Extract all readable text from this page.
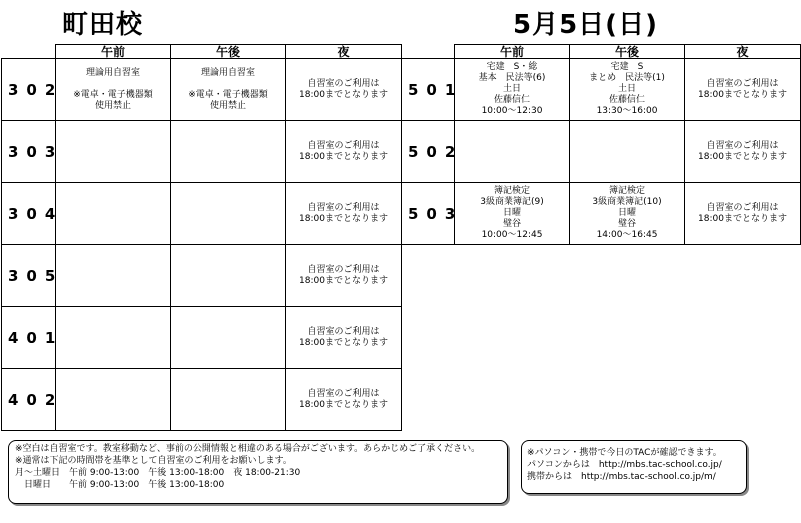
町田校	5月5日(日)
	午前	午後	夜
302	理論用自習室

※電卓・電子機器類
使用禁止	理論用自習室

※電卓・電子機器類
使用禁止	自習室のご利用は
18:00までとなります
303			自習室のご利用は
18:00までとなります
304			自習室のご利用は
18:00までとなります
305			自習室のご利用は
18:00までとなります
401			自習室のご利用は
18:00までとなります
402			自習室のご利用は
18:00までとなります
	午前	午後	夜
501	宅建　S・総
基本　民法等(6)
土日
佐藤信仁
10:00～12:30	宅建　S
まとめ　民法等(1)
土日
佐藤信仁
13:30～16:00	自習室のご利用は
18:00までとなります
502			自習室のご利用は
18:00までとなります
503	簿記検定
3級商業簿記(9)
日曜
璧谷
10:00～12:45	簿記検定
3級商業簿記(10)
日曜
璧谷
14:00～16:45	自習室のご利用は
18:00までとなります
※空白は自習室です。教室移動など、事前の公開情報と相違のある場合がございます。あらかじめご了承ください。
※通常は下記の時間帯を基準として自習室のご利用をお願いします。
月～土曜日　午前 9:00-13:00　午後 13:00-18:00　夜 18:00-21:30
　日曜日　　午前 9:00-13:00　午後 13:00-18:00
※パソコン・携帯で今日のTACが確認できます。
パソコンからは　 http://mbs.tac-school.co.jp/
携帯からは　 http://mbs.tac-school.co.jp/m/
